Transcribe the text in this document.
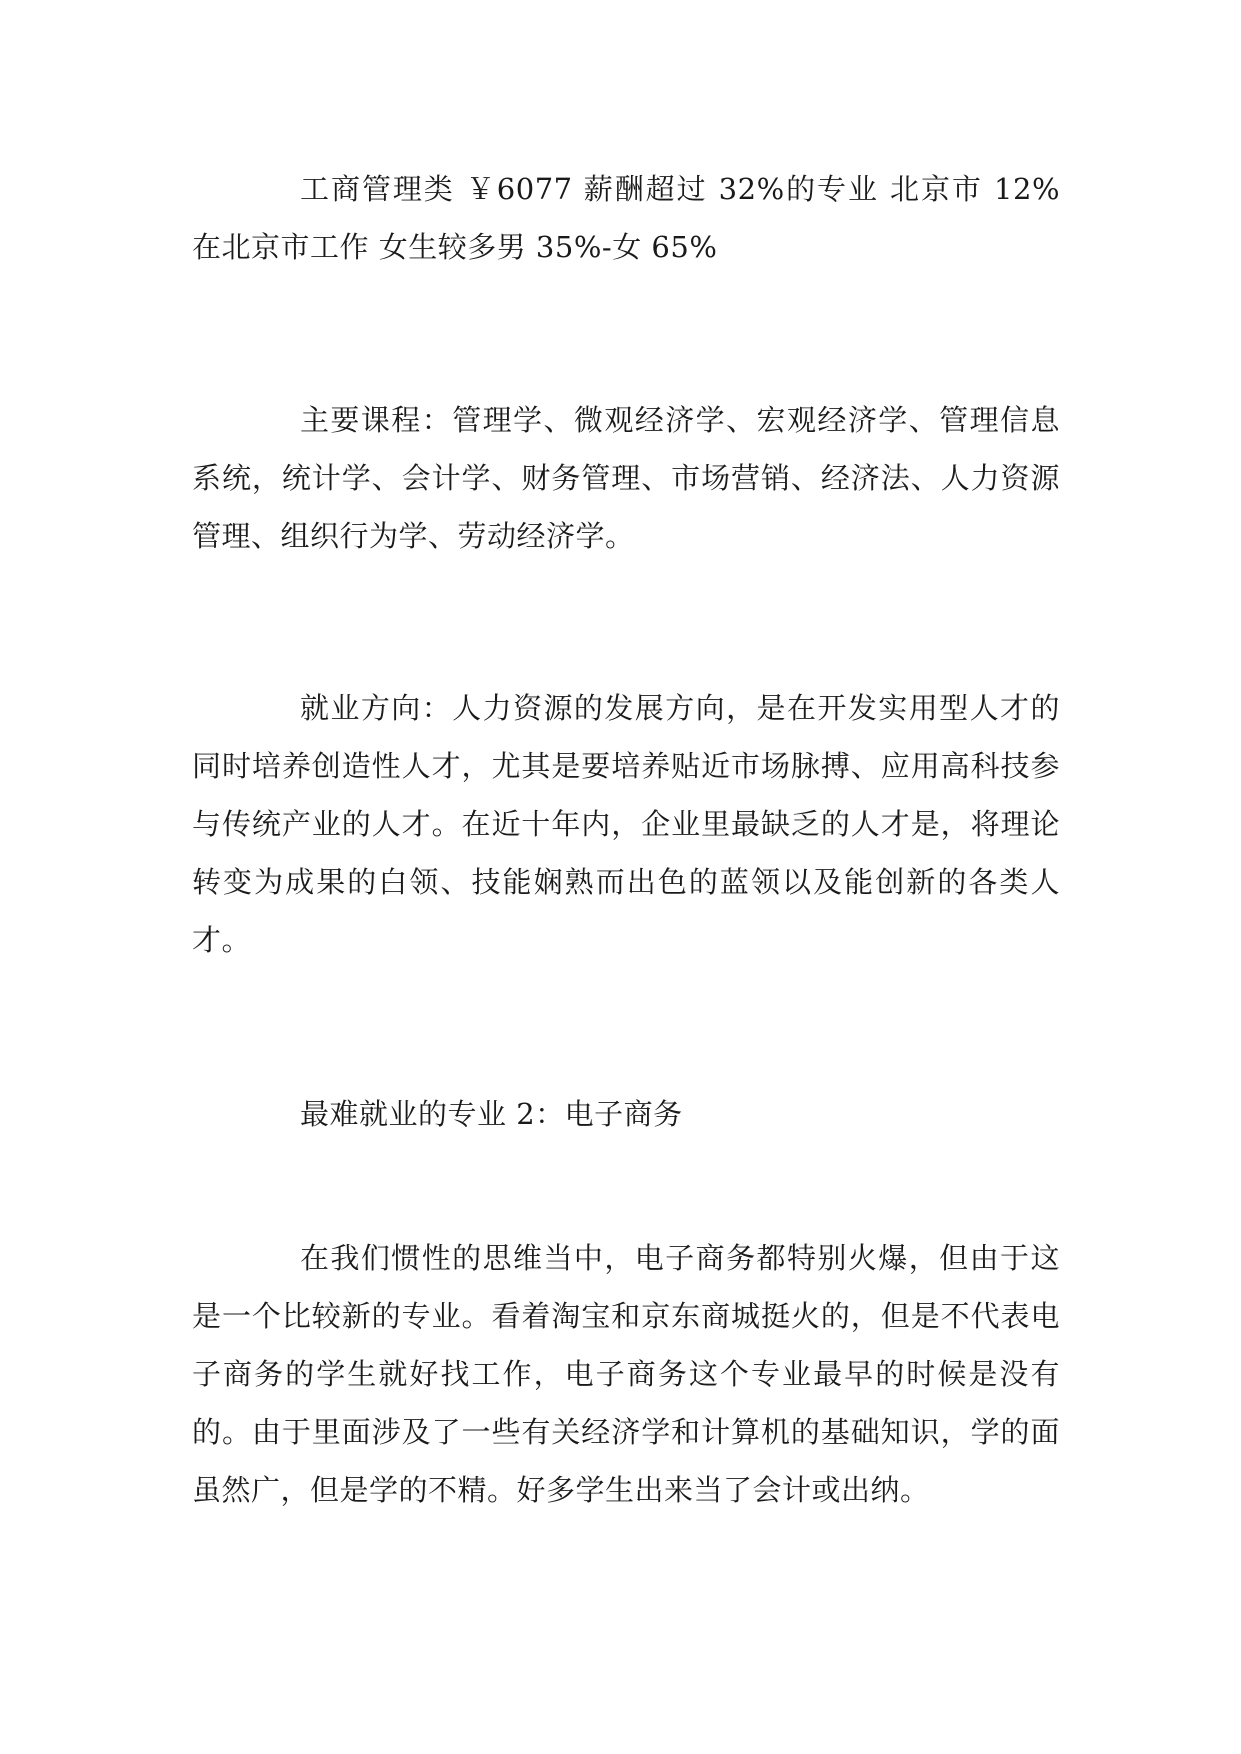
工商管理类 ￥6077 薪酬超过 32%的专业 北京市 12% 在北京市工作 女生较多男 35%-女 65%

主要课程：管理学、微观经济学、宏观经济学、管理信息系统，统计学、会计学、财务管理、市场营销、经济法、人力资源管理、组织行为学、劳动经济学。

就业方向：人力资源的发展方向，是在开发实用型人才的同时培养创造性人才，尤其是要培养贴近市场脉搏、应用高科技参与传统产业的人才。在近十年内，企业里最缺乏的人才是，将理论转变为成果的白领、技能娴熟而出色的蓝领以及能创新的各类人才。

最难就业的专业 2：电子商务

在我们惯性的思维当中，电子商务都特别火爆，但由于这是一个比较新的专业。看着淘宝和京东商城挺火的，但是不代表电子商务的学生就好找工作，电子商务这个专业最早的时候是没有的。由于里面涉及了一些有关经济学和计算机的基础知识，学的面虽然广，但是学的不精。好多学生出来当了会计或出纳。
